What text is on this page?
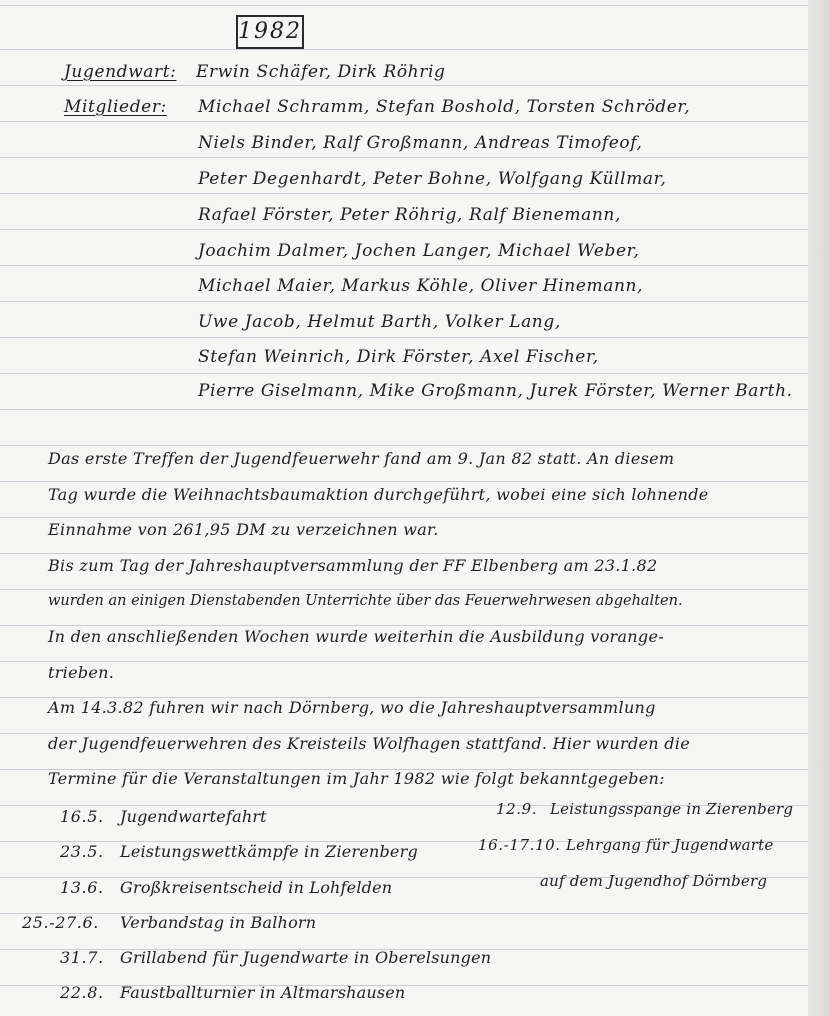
1982
Jugendwart: Erwin Schäfer, Dirk Röhrig
Mitglieder: Michael Schramm, Stefan Boshold, Torsten Schröder,
Niels Binder, Ralf Großmann, Andreas Timofeof,
Peter Degenhardt, Peter Bohne, Wolfgang Küllmar,
Rafael Förster, Peter Röhrig, Ralf Bienemann,
Joachim Dalmer, Jochen Langer, Michael Weber,
Michael Maier, Markus Köhle, Oliver Hinemann,
Uwe Jacob, Helmut Barth, Volker Lang,
Stefan Weinrich, Dirk Förster, Axel Fischer,
Pierre Giselmann, Mike Großmann, Jurek Förster, Werner Barth.
Das erste Treffen der Jugendfeuerwehr fand am 9. Jan 82 statt. An diesem
Tag wurde die Weihnachtsbaumaktion durchgeführt, wobei eine sich lohnende
Einnahme von 261,95 DM zu verzeichnen war.
Bis zum Tag der Jahreshauptversammlung der FF Elbenberg am 23.1.82
wurden an einigen Dienstabenden Unterrichte über das Feuerwehrwesen abgehalten.
In den anschließenden Wochen wurde weiterhin die Ausbildung vorange-
trieben.
Am 14.3.82 fuhren wir nach Dörnberg, wo die Jahreshauptversammlung
der Jugendfeuerwehren des Kreisteils Wolfhagen stattfand. Hier wurden die
Termine für die Veranstaltungen im Jahr 1982 wie folgt bekanntgegeben:
16.5. Jugendwartefahrt
23.5. Leistungswettkämpfe in Zierenberg
13.6. Großkreisentscheid in Lohfelden
25.-27.6. Verbandstag in Balhorn
31.7. Grillabend für Jugendwarte in Oberelsungen
22.8. Faustballturnier in Altmarshausen
12.9. Leistungsspange in Zierenberg
16.-17.10. Lehrgang für Jugendwarte
auf dem Jugendhof Dörnberg
